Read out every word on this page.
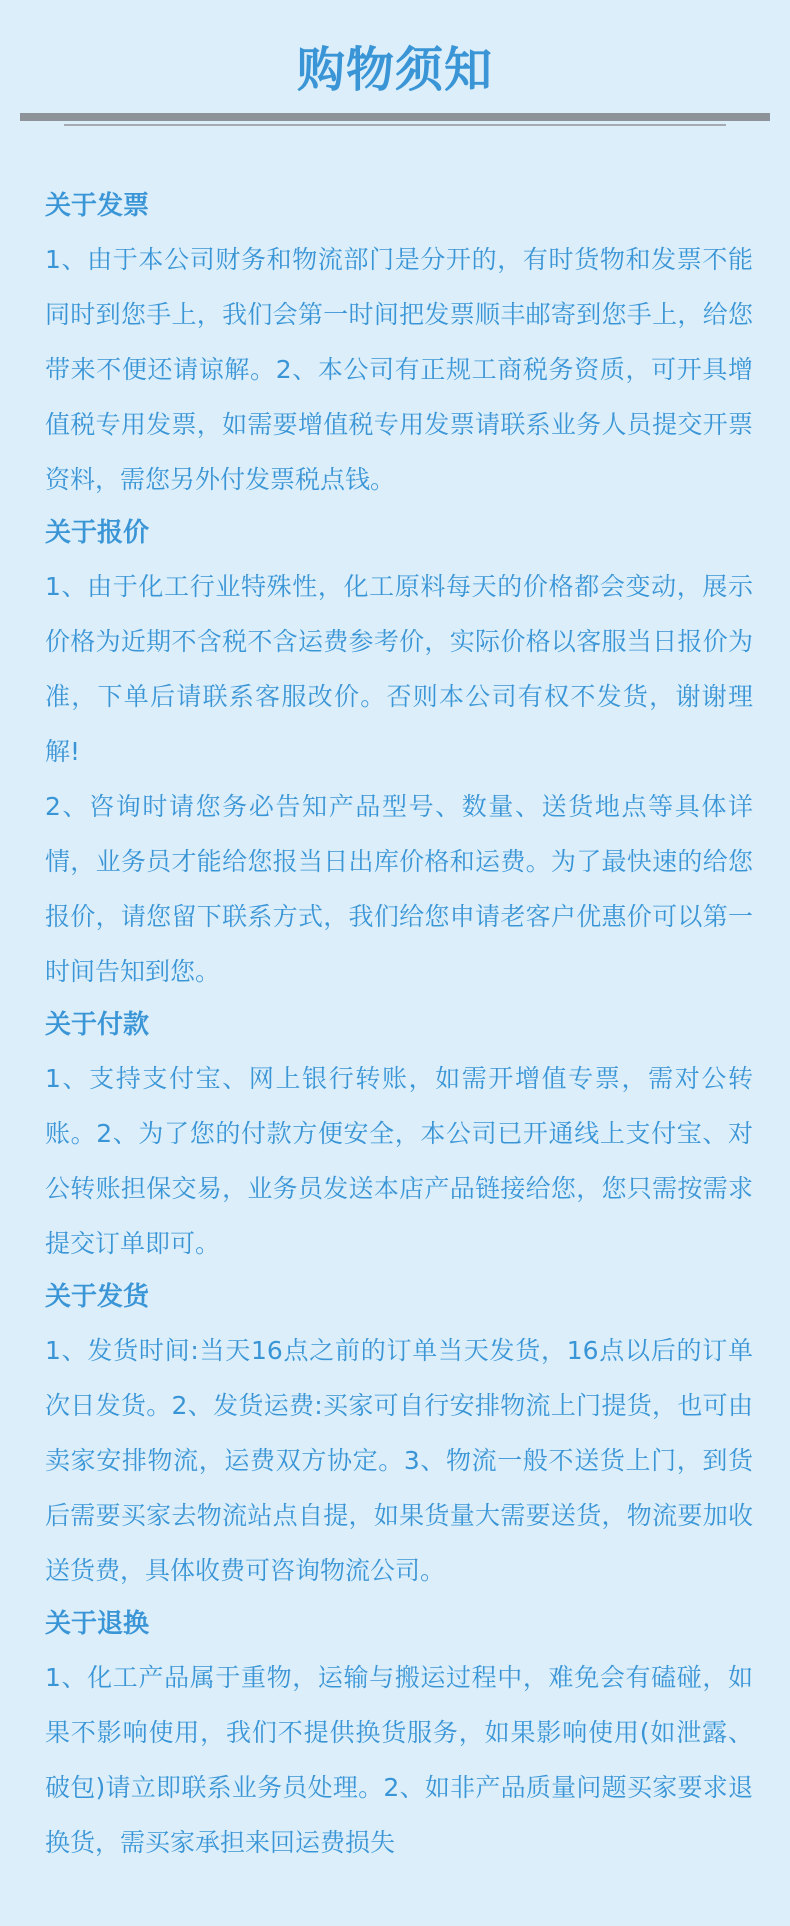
购物须知
关于发票

1、由于本公司财务和物流部门是分开的，有时货物和发票不能同时到您手上，我们会第一时间把发票顺丰邮寄到您手上，给您带来不便还请谅解。2、本公司有正规工商税务资质，可开具增值税专用发票，如需要增值税专用发票请联系业务人员提交开票资料，需您另外付发票税点钱。

关于报价

1、由于化工行业特殊性，化工原料每天的价格都会变动，展示价格为近期不含税不含运费参考价，实际价格以客服当日报价为准，下单后请联系客服改价。否则本公司有权不发货，谢谢理解!

2、咨询时请您务必告知产品型号、数量、送货地点等具体详情，业务员才能给您报当日出库价格和运费。为了最快速的给您报价，请您留下联系方式，我们给您申请老客户优惠价可以第一时间告知到您。

关于付款

1、支持支付宝、网上银行转账，如需开增值专票，需对公转账。2、为了您的付款方便安全，本公司已开通线上支付宝、对公转账担保交易，业务员发送本店产品链接给您，您只需按需求提交订单即可。

关于发货

1、发货时间:当天16点之前的订单当天发货，16点以后的订单次日发货。2、发货运费:买家可自行安排物流上门提货，也可由卖家安排物流，运费双方协定。3、物流一般不送货上门，到货后需要买家去物流站点自提，如果货量大需要送货，物流要加收送货费，具体收费可咨询物流公司。

关于退换

1、化工产品属于重物，运输与搬运过程中，难免会有磕碰，如果不影响使用，我们不提供换货服务，如果影响使用(如泄露、破包)请立即联系业务员处理。2、如非产品质量问题买家要求退换货，需买家承担来回运费损失
